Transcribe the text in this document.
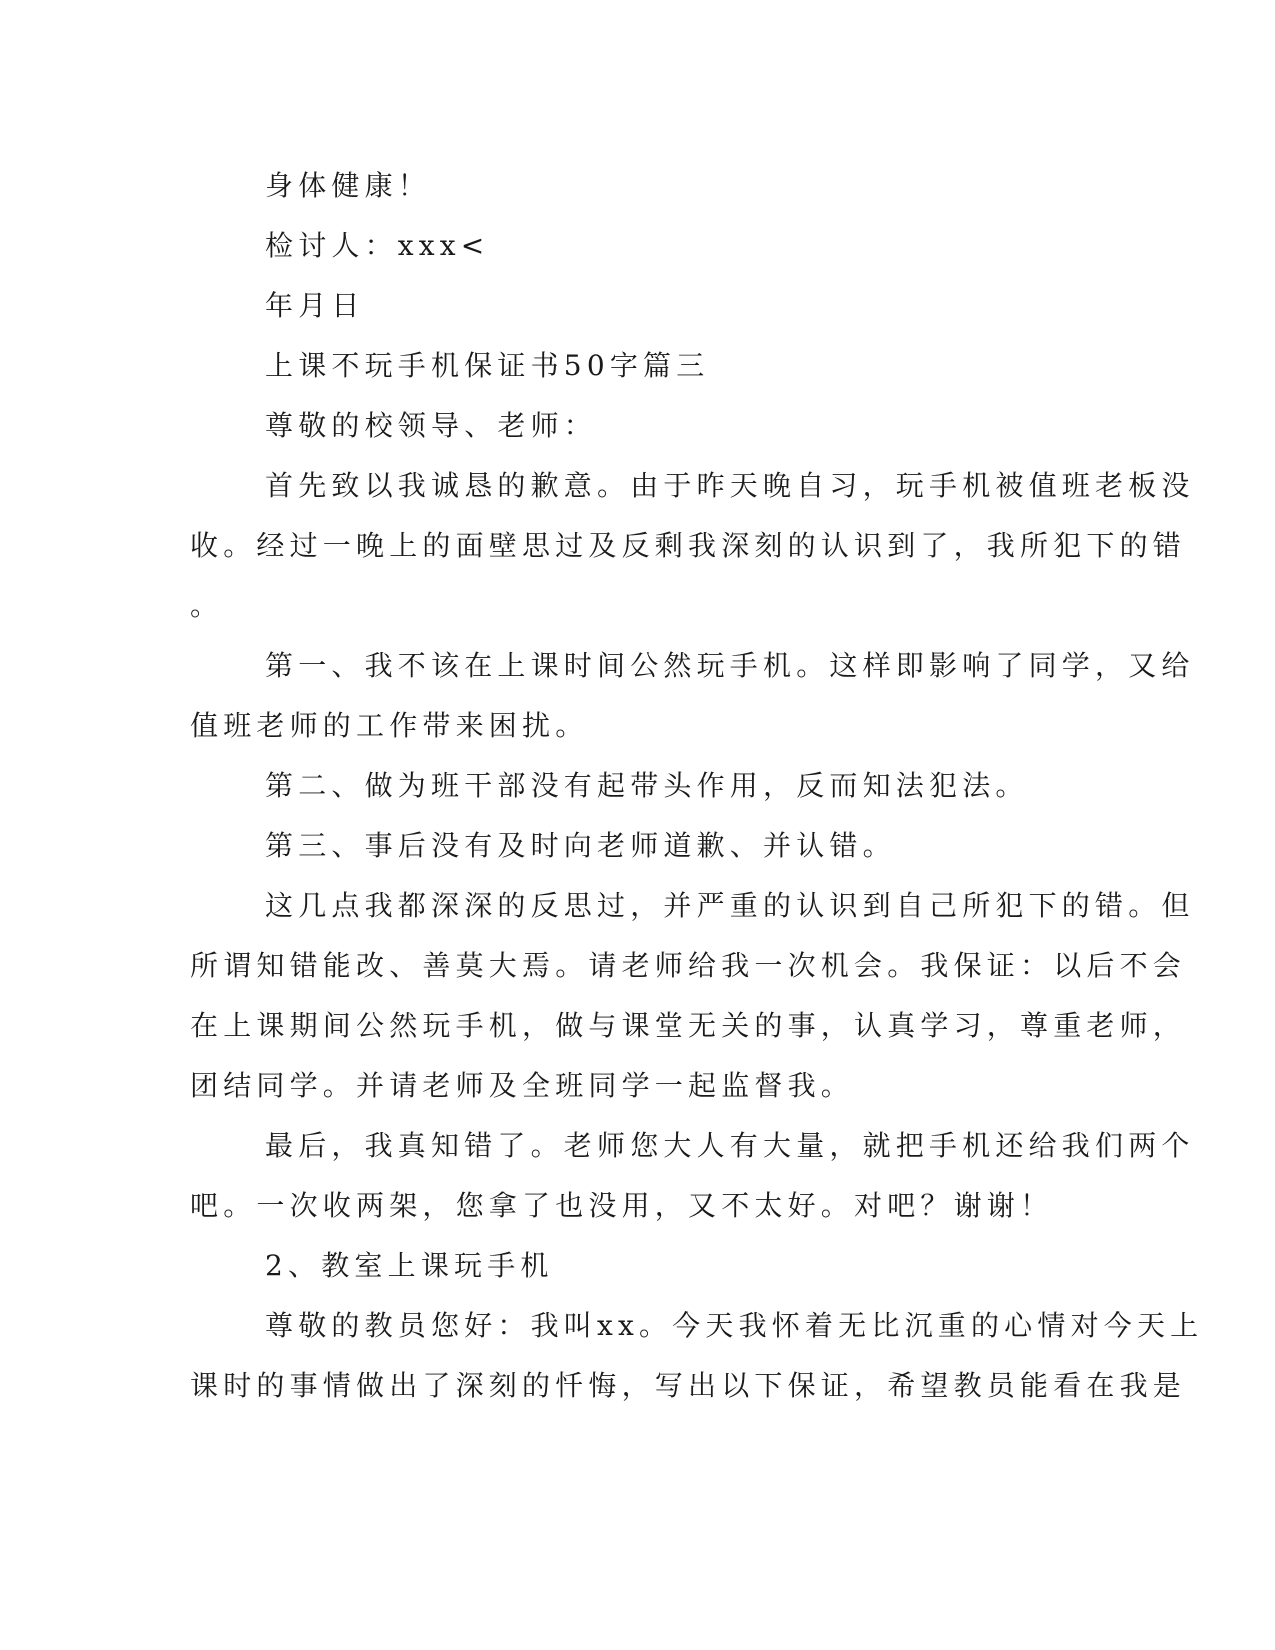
身体健康！
检讨人：xxx<
年月日
上课不玩手机保证书50字篇三
尊敬的校领导、老师：
首先致以我诚恳的歉意。由于昨天晚自习，玩手机被值班老板没
收。经过一晚上的面壁思过及反剩我深刻的认识到了，我所犯下的错
。
第一、我不该在上课时间公然玩手机。这样即影响了同学，又给
值班老师的工作带来困扰。
第二、做为班干部没有起带头作用，反而知法犯法。
第三、事后没有及时向老师道歉、并认错。
这几点我都深深的反思过，并严重的认识到自己所犯下的错。但
所谓知错能改、善莫大焉。请老师给我一次机会。我保证：以后不会
在上课期间公然玩手机，做与课堂无关的事，认真学习，尊重老师，
团结同学。并请老师及全班同学一起监督我。
最后，我真知错了。老师您大人有大量，就把手机还给我们两个
吧。一次收两架，您拿了也没用，又不太好。对吧？谢谢！
2、教室上课玩手机
尊敬的教员您好：我叫xx。今天我怀着无比沉重的心情对今天上
课时的事情做出了深刻的忏悔，写出以下保证，希望教员能看在我是
